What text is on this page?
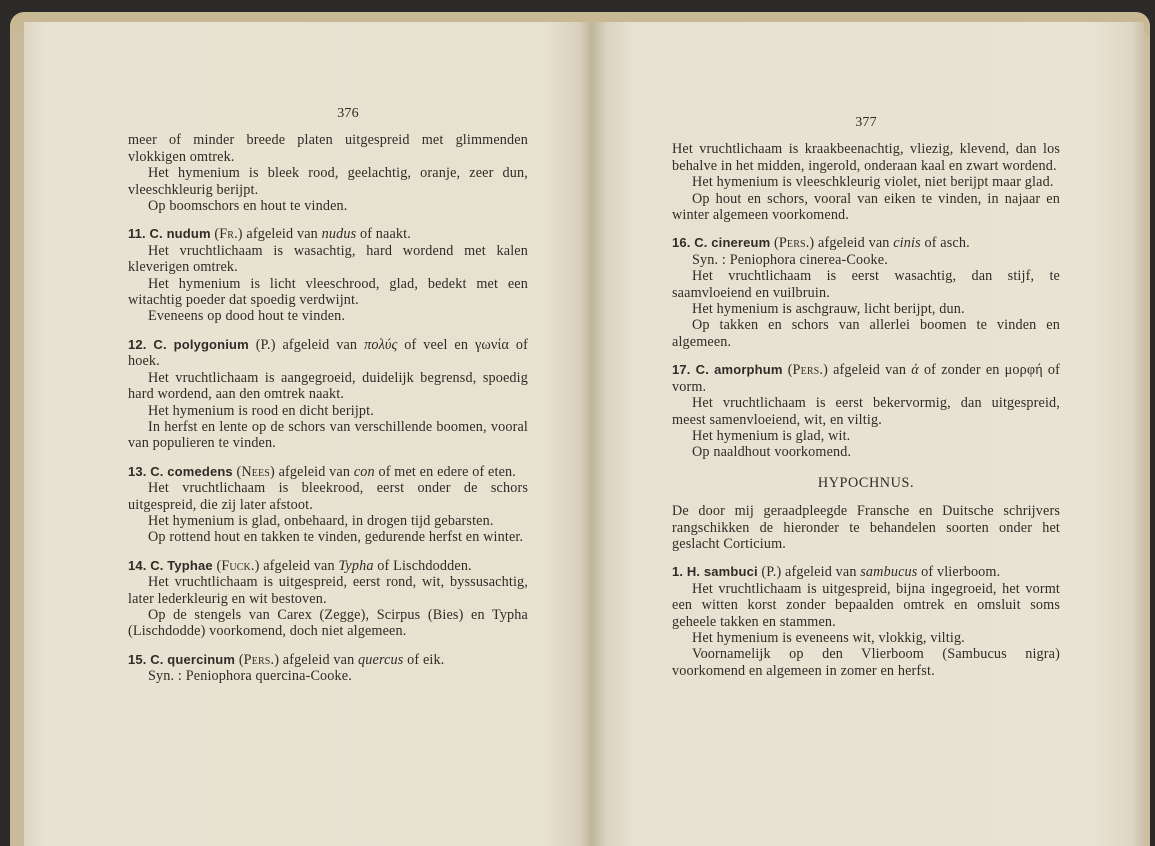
376

meer of minder breede platen uitgespreid met glimmenden vlokkigen omtrek.

Het hymenium is bleek rood, geelachtig, oranje, zeer dun, vleeschkleurig berijpt.

Op boomschors en hout te vinden.

11. C. nudum (Fr.) afgeleid van nudus of naakt.

Het vruchtlichaam is wasachtig, hard wordend met kalen kleverigen omtrek.

Het hymenium is licht vleeschrood, glad, bedekt met een witachtig poeder dat spoedig verdwijnt.

Eveneens op dood hout te vinden.

12. C. polygonium (P.) afgeleid van πολύς of veel en γωνία of hoek.

Het vruchtlichaam is aangegroeid, duidelijk begrensd, spoedig hard wordend, aan den omtrek naakt.

Het hymenium is rood en dicht berijpt.

In herfst en lente op de schors van verschillende boomen, vooral van populieren te vinden.

13. C. comedens (Nees) afgeleid van con of met en edere of eten.

Het vruchtlichaam is bleekrood, eerst onder de schors uitgespreid, die zij later afstoot.

Het hymenium is glad, onbehaard, in drogen tijd gebarsten.

Op rottend hout en takken te vinden, gedurende herfst en winter.

14. C. Typhae (Fuck.) afgeleid van Typha of Lischdodden.

Het vruchtlichaam is uitgespreid, eerst rond, wit, byssusachtig, later lederkleurig en wit bestoven.

Op de stengels van Carex (Zegge), Scirpus (Bies) en Typha (Lischdodde) voorkomend, doch niet algemeen.

15. C. quercinum (Pers.) afgeleid van quercus of eik.

Syn. : Peniophora quercina-Cooke.

377

Het vruchtlichaam is kraakbeenachtig, vliezig, klevend, dan los behalve in het midden, ingerold, onderaan kaal en zwart wordend.

Het hymenium is vleeschkleurig violet, niet berijpt maar glad.

Op hout en schors, vooral van eiken te vinden, in najaar en winter algemeen voorkomend.

16. C. cinereum (Pers.) afgeleid van cinis of asch.

Syn. : Peniophora cinerea-Cooke.

Het vruchtlichaam is eerst wasachtig, dan stijf, te saamvloeiend en vuilbruin.

Het hymenium is aschgrauw, licht berijpt, dun.

Op takken en schors van allerlei boomen te vinden en algemeen.

17. C. amorphum (Pers.) afgeleid van ἀ of zonder en μορφή of vorm.

Het vruchtlichaam is eerst bekervormig, dan uitgespreid, meest samenvloeiend, wit, en viltig.

Het hymenium is glad, wit.

Op naaldhout voorkomend.

HYPOCHNUS.

De door mij geraadpleegde Fransche en Duitsche schrijvers rangschikken de hieronder te behandelen soorten onder het geslacht Corticium.

1. H. sambuci (P.) afgeleid van sambucus of vlierboom.

Het vruchtlichaam is uitgespreid, bijna ingegroeid, het vormt een witten korst zonder bepaalden omtrek en omsluit soms geheele takken en stammen.

Het hymenium is eveneens wit, vlokkig, viltig.

Voornamelijk op den Vlierboom (Sambucus nigra) voorkomend en algemeen in zomer en herfst.
